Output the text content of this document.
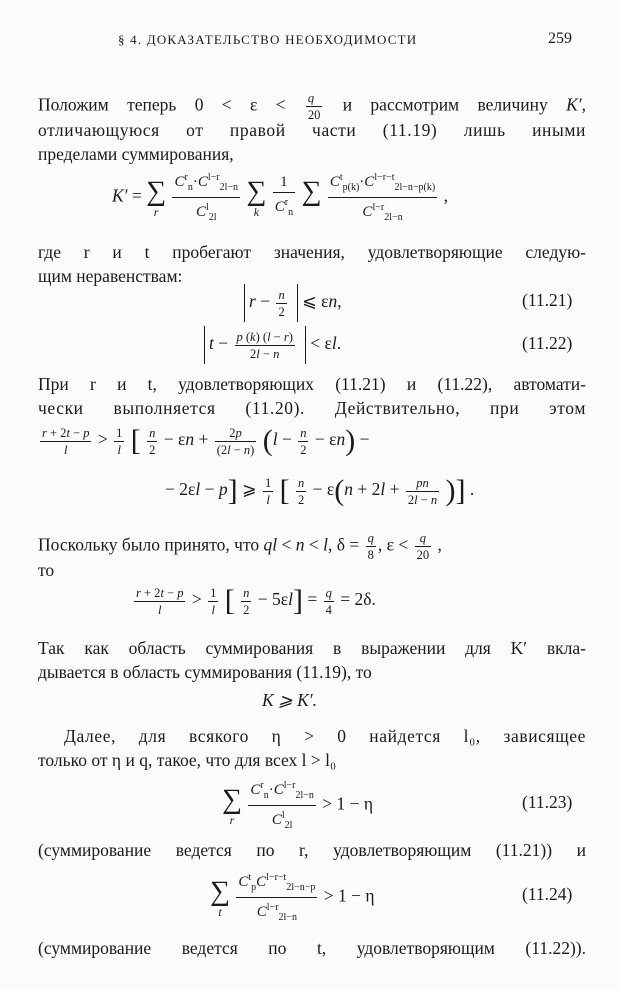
§ 4. ДОКАЗАТЕЛЬСТВО НЕОБХОДИМОСТИ	259
Положим теперь $0 < \varepsilon < \frac{q}{20}$ и рассмотрим величину K′,
отличающуюся от правой части (11.19) лишь иными
пределами суммирования,
K′ = ∑
r
$\frac{C^r_n\cdot C^{l-r}_{2l-n}}{C^l_{2l}}$ ∑
k
$\frac{1}{C^r_n}$ ∑

$\frac{C^t_{p(k)}\cdot C^{l-r-t}_{2l-n-p(k)}}{C^{l-r}_{2l-n}}$ ,
где r и t пробегают значения, удовлетворяющие следую-
щим неравенствам:
$r - \frac{n}{2}$ ⩽ εn,	(11.21)
$t - \frac{p (k) (l - r)}{2l - n} < \varepsilon l$.	(11.22)
При r и t, удовлетворяющих (11.21) и (11.22), автомати-
чески выполняется (11.20). Действительно, при этом
$\frac{r + 2t - p}{l} > \frac{1}{l}$ [ $\frac{n}{2} - \varepsilon n + \frac{2p}{(2l - n)} (l - \frac{n}{2} - \varepsilon n)$ −
− 2εl − p] ⩾ $\frac{1}{l}$ [ $\frac{n}{2} - \varepsilon(n + 2l + \frac{pn}{2l - n}$ )] .
Поскольку было принято, что ql < n < l, $\delta = \frac{q}{8}$ , $\varepsilon < \frac{q}{20}$ ,
то
$\frac{r + 2t - p}{l} > \frac{1}{l}$ [ $\frac{n}{2} - 5\varepsilon l] = \frac{q}{4} = 2\delta$.
Так как область суммирования в выражении для K′ вкла-
дывается в область суммирования (11.19), то
K ⩾ K′.
Далее, для всякого η > 0 найдется l₀, зависящее
только от η и q, такое, что для всех l > l₀
∑
r
$\frac{C^r_n\cdot C^{l-r}_{2l-n}}{C^l_{2l}} > 1 - \eta$	(11.23)
(суммирование ведется по r, удовлетворяющим (11.21)) и
∑
t
$\frac{C^t_pC^{l-r-t}_{2l-n-p}}{C^{l-r}_{2l-n}} > 1 - \eta$	(11.24)
(суммирование ведется по t, удовлетворяющим (11.22)).
